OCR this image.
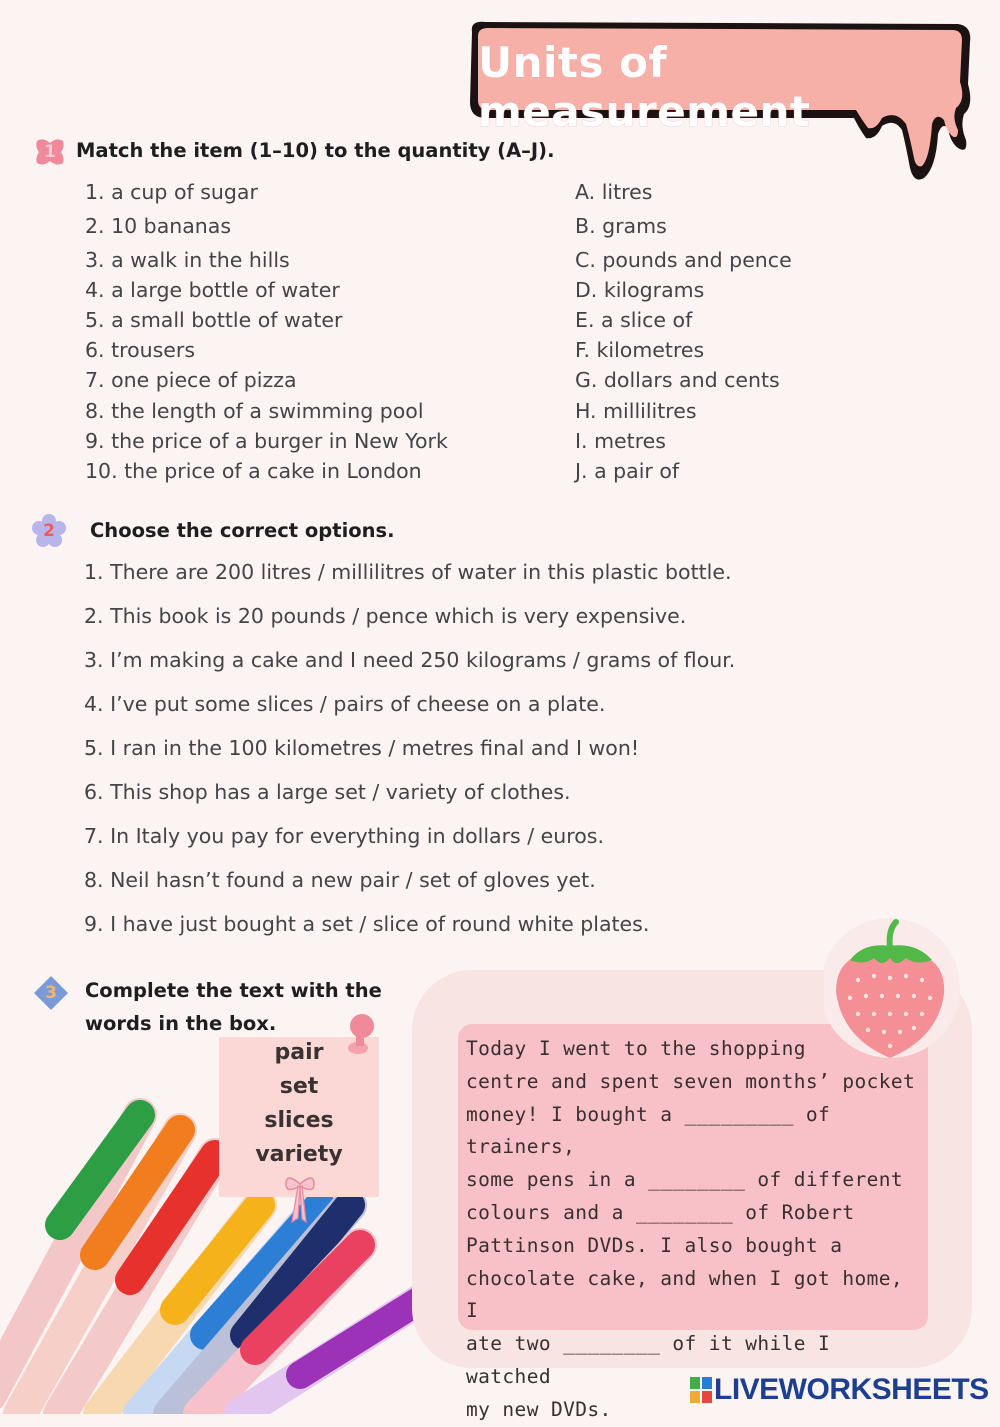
Units of measurement
1	Match the item (1–10) to the quantity (A–J).
1. a cup of sugar
2. 10 bananas
3. a walk in the hills
4. a large bottle of water
5. a small bottle of water
6. trousers
7. one piece of pizza
8. the length of a swimming pool
9. the price of a burger in New York
10. the price of a cake in London
A. litres
B. grams
C. pounds and pence
D. kilograms
E. a slice of
F. kilometres
G. dollars and cents
H. millilitres
I. metres
J. a pair of
2	Choose the correct options.
1. There are 200 litres / millilitres of water in this plastic bottle.
2. This book is 20 pounds / pence which is very expensive.
3. I’m making a cake and I need 250 kilograms / grams of flour.
4. I’ve put some slices / pairs of cheese on a plate.
5. I ran in the 100 kilometres / metres final and I won!
6. This shop has a large set / variety of clothes.
7. In Italy you pay for everything in dollars / euros.
8. Neil hasn’t found a new pair / set of gloves yet.
9. I have just bought a set / slice of round white plates.
3	Complete the text with the
words in the box.
pair
set
slices
variety
Today I went to the shopping
centre and spent seven months’ pocket
money! I bought a _________ of trainers,
some pens in a ________ of different
colours and a ________ of Robert
Pattinson DVDs. I also bought a
chocolate cake, and when I got home, I
ate two ________ of it while I watched
my new DVDs.
LIVEWORKSHEETS
